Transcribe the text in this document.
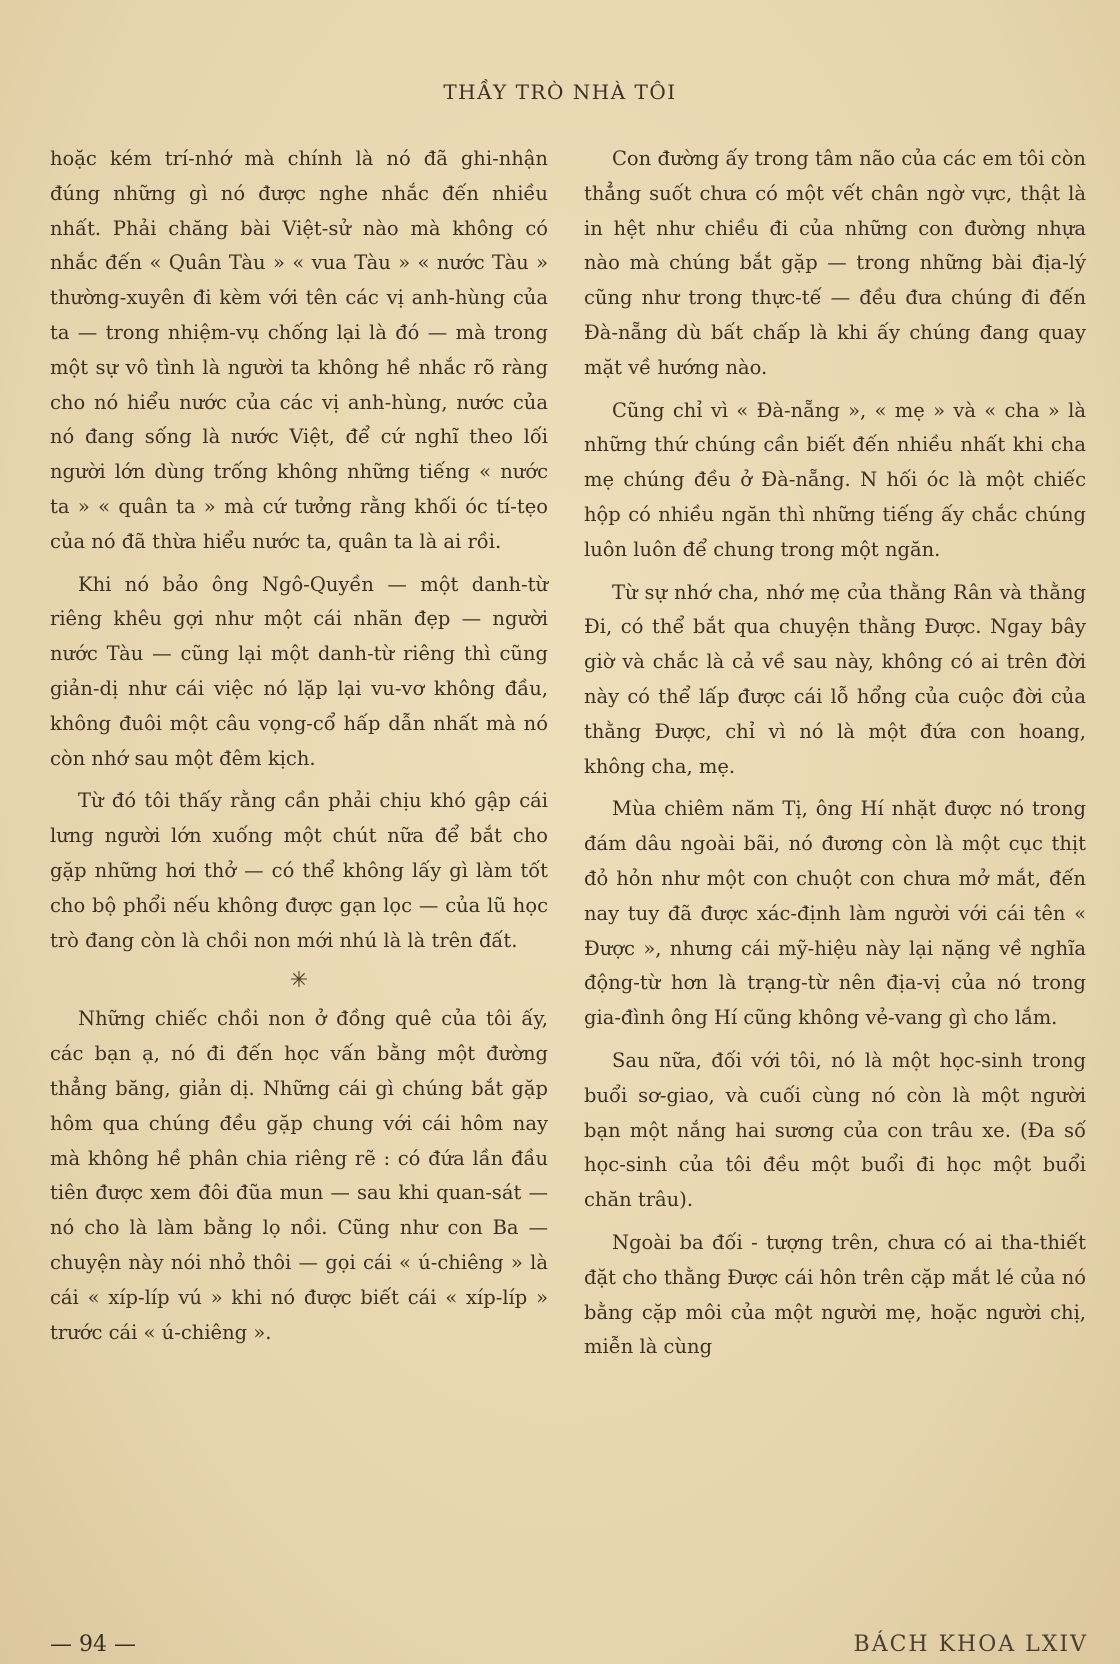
THẦY TRÒ NHÀ TÔI

hoặc kém trí-nhớ mà chính là nó đã ghi-nhận đúng những gì nó được nghe nhắc đến nhiều nhất. Phải chăng bài Việt-sử nào mà không có nhắc đến « Quân Tàu » « vua Tàu » « nước Tàu » thường-xuyên đi kèm với tên các vị anh-hùng của ta — trong nhiệm-vụ chống lại là đó — mà trong một sự vô tình là người ta không hề nhắc rõ ràng cho nó hiểu nước của các vị anh-hùng, nước của nó đang sống là nước Việt, để cứ nghĩ theo lối người lớn dùng trống không những tiếng « nước ta » « quân ta » mà cứ tưởng rằng khối óc tí-tẹo của nó đã thừa hiểu nước ta, quân ta là ai rồi.

Khi nó bảo ông Ngô-Quyền — một danh-từ riêng khêu gợi như một cái nhãn đẹp — người nước Tàu — cũng lại một danh-từ riêng thì cũng giản-dị như cái việc nó lặp lại vu-vơ không đầu, không đuôi một câu vọng-cổ hấp dẫn nhất mà nó còn nhớ sau một đêm kịch.

Từ đó tôi thấy rằng cần phải chịu khó gập cái lưng người lớn xuống một chút nữa để bắt cho gặp những hơi thở — có thể không lấy gì làm tốt cho bộ phổi nếu không được gạn lọc — của lũ học trò đang còn là chồi non mới nhú là là trên đất.

✳

Những chiếc chồi non ở đồng quê của tôi ấy, các bạn ạ, nó đi đến học vấn bằng một đường thẳng băng, giản dị. Những cái gì chúng bắt gặp hôm qua chúng đều gặp chung với cái hôm nay mà không hề phân chia riêng rẽ : có đứa lần đầu tiên được xem đôi đũa mun — sau khi quan-sát — nó cho là làm bằng lọ nồi. Cũng như con Ba — chuyện này nói nhỏ thôi — gọi cái « ú-chiêng » là cái « xíp-líp vú » khi nó được biết cái « xíp-líp » trước cái « ú-chiêng ».

Con đường ấy trong tâm não của các em tôi còn thẳng suốt chưa có một vết chân ngờ vực, thật là in hệt như chiều đi của những con đường nhựa nào mà chúng bắt gặp — trong những bài địa-lý cũng như trong thực-tế — đều đưa chúng đi đến Đà-nẵng dù bất chấp là khi ấy chúng đang quay mặt về hướng nào.

Cũng chỉ vì « Đà-nẵng », « mẹ » và « cha » là những thứ chúng cần biết đến nhiều nhất khi cha mẹ chúng đều ở Đà-nẵng. N hối óc là một chiếc hộp có nhiều ngăn thì những tiếng ấy chắc chúng luôn luôn để chung trong một ngăn.

Từ sự nhớ cha, nhớ mẹ của thằng Rân và thằng Đi, có thể bắt qua chuyện thằng Được. Ngay bây giờ và chắc là cả về sau này, không có ai trên đời này có thể lấp được cái lỗ hổng của cuộc đời của thằng Được, chỉ vì nó là một đứa con hoang, không cha, mẹ.

Mùa chiêm năm Tị, ông Hí nhặt được nó trong đám dâu ngoài bãi, nó đương còn là một cục thịt đỏ hỏn như một con chuột con chưa mở mắt, đến nay tuy đã được xác-định làm người với cái tên « Được », nhưng cái mỹ-hiệu này lại nặng về nghĩa động-từ hơn là trạng-từ nên địa-vị của nó trong gia-đình ông Hí cũng không vẻ-vang gì cho lắm.

Sau nữa, đối với tôi, nó là một học-sinh trong buổi sơ-giao, và cuối cùng nó còn là một người bạn một nắng hai sương của con trâu xe. (Đa số học-sinh của tôi đều một buổi đi học một buổi chăn trâu).

Ngoài ba đối - tượng trên, chưa có ai tha-thiết đặt cho thằng Được cái hôn trên cặp mắt lé của nó bằng cặp môi của một người mẹ, hoặc người chị, miễn là cùng

— 94 —	BÁCH KHOA LXIV
